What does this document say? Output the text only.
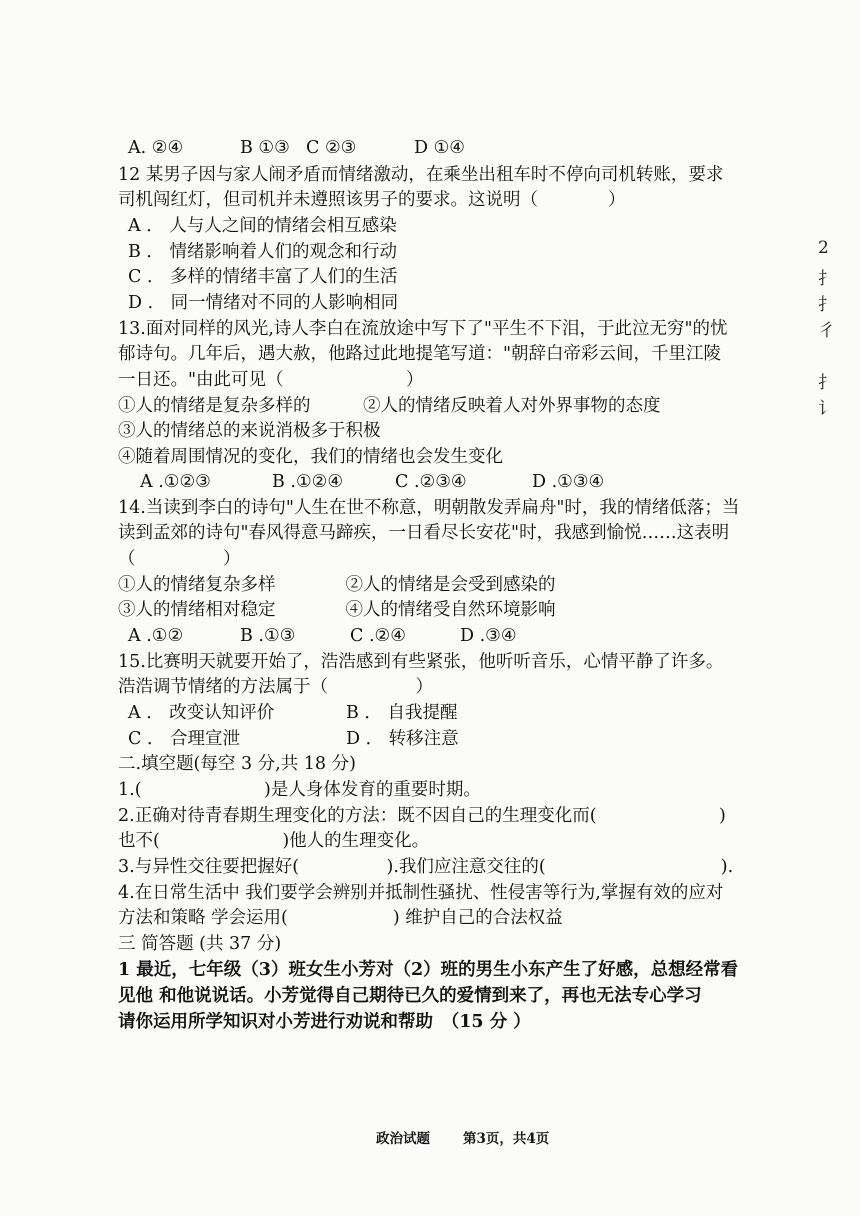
A. ②④	B ①③ C ②③	D ①④
12 某男子因与家人闹矛盾而情绪激动，在乘坐出租车时不停向司机转账，要求
司机闯红灯，但司机并未遵照该男子的要求。这说明（　　　　）
A ． 人与人之间的情绪会相互感染
B ． 情绪影响着人们的观念和行动
C ． 多样的情绪丰富了人们的生活
D ． 同一情绪对不同的人影响相同
13.面对同样的风光,诗人李白在流放途中写下了"平生不下泪，于此泣无穷"的忧
郁诗句。几年后，遇大赦，他路过此地提笔写道："朝辞白帝彩云间，千里江陵
一日还。"由此可见（　　　　　　　）
①人的情绪是复杂多样的　　　②人的情绪反映着人对外界事物的态度
③人的情绪总的来说消极多于积极
④随着周围情况的变化，我们的情绪也会发生变化
A .①②③	B .①②④	C .②③④	D .①③④
14.当读到李白的诗句"人生在世不称意，明朝散发弄扁舟"时，我的情绪低落；当
读到孟郊的诗句"春风得意马蹄疾，一日看尽长安花"时，我感到愉悦……这表明
（　　　　　）
①人的情绪复杂多样　　　　②人的情绪是会受到感染的
③人的情绪相对稳定　　　　④人的情绪受自然环境影响
A .①②	B .①③	C .②④	D .③④
15.比赛明天就要开始了，浩浩感到有些紧张，他听听音乐，心情平静了许多。
浩浩调节情绪的方法属于（　　　　　）
A ． 改变认知评价	B ． 自我提醒
C ． 合理宣泄	D ． 转移注意
二.填空题(每空 3 分,共 18 分)
1.(　　　　　　　)是人身体发育的重要时期。
2.正确对待青春期生理变化的方法：既不因自己的生理变化而(　　　　　　　)
也不(　　　　　　　)他人的生理变化。
3.与异性交往要把握好(　　　　　).我们应注意交往的(　　　　　　　　　　).
4.在日常生活中 我们要学会辨别并抵制性骚扰、性侵害等行为,掌握有效的应对
方法和策略 学会运用(　　　　　　) 维护自己的合法权益
三 简答题 (共 37 分)
1 最近，七年级（3）班女生小芳对（2）班的男生小东产生了好感，总想经常看
见他 和他说说话。小芳觉得自己期待已久的爱情到来了，再也无法专心学习
请你运用所学知识对小芳进行劝说和帮助　（15 分 ）
政治试题 第3页，共4页
2
扌
扌
彳
扌
讠
